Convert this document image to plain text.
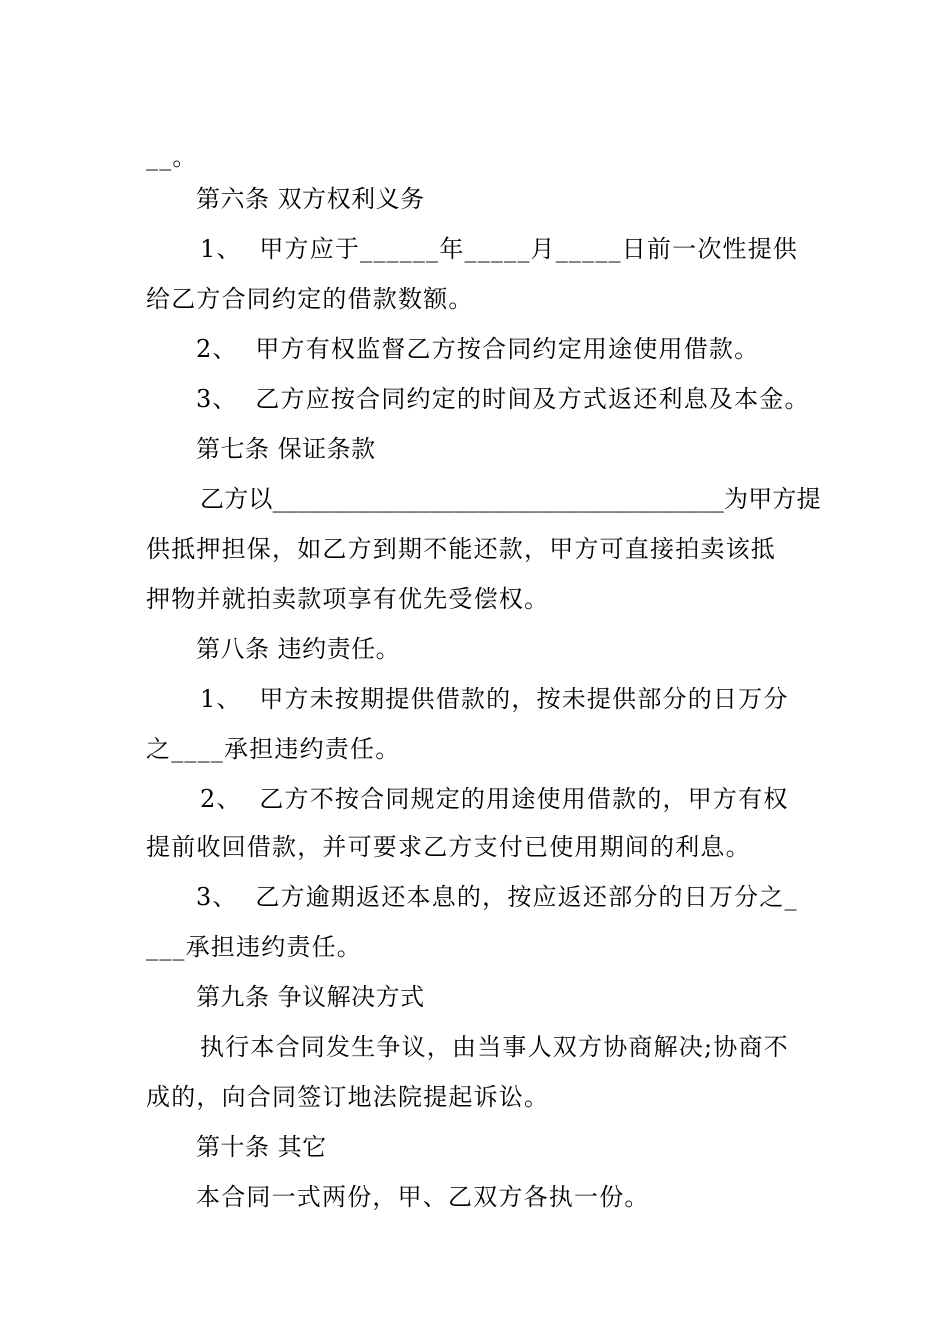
__。
第六条 双方权利义务
1、  甲方应于______年_____月_____日前一次性提供
给乙方合同约定的借款数额。
2、  甲方有权监督乙方按合同约定用途使用借款。
3、  乙方应按合同约定的时间及方式返还利息及本金。
第七条 保证条款
乙方以_____________________________________为甲方提
供抵押担保，如乙方到期不能还款，甲方可直接拍卖该抵
押物并就拍卖款项享有优先受偿权。
第八条 违约责任。
1、  甲方未按期提供借款的，按未提供部分的日万分
之____承担违约责任。
2、  乙方不按合同规定的用途使用借款的，甲方有权
提前收回借款，并可要求乙方支付已使用期间的利息。
3、  乙方逾期返还本息的，按应返还部分的日万分之_
___承担违约责任。
第九条 争议解决方式
执行本合同发生争议，由当事人双方协商解决;协商不
成的，向合同签订地法院提起诉讼。
第十条 其它
本合同一式两份，甲、乙双方各执一份。
